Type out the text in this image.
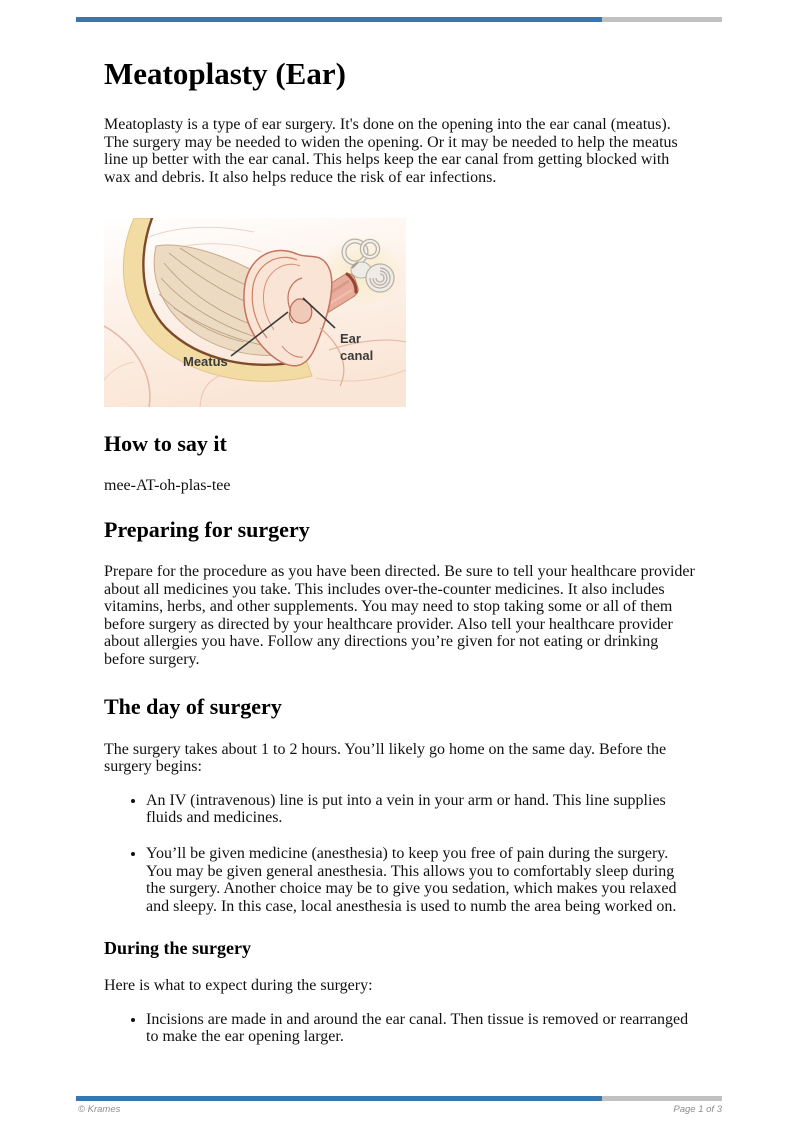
Meatoplasty (Ear)

Meatoplasty is a type of ear surgery. It's done on the opening into the ear canal (meatus). The surgery may be needed to widen the opening. Or it may be needed to help the meatus line up better with the ear canal. This helps keep the ear canal from getting blocked with wax and debris. It also helps reduce the risk of ear infections.

Meatus
Ear
canal
How to say it

mee-AT-oh-plas-tee

Preparing for surgery

Prepare for the procedure as you have been directed. Be sure to tell your healthcare provider about all medicines you take. This includes over-the-counter medicines. It also includes vitamins, herbs, and other supplements. You may need to stop taking some or all of them before surgery as directed by your healthcare provider. Also tell your healthcare provider about allergies you have. Follow any directions you’re given for not eating or drinking before surgery.

The day of surgery

The surgery takes about 1 to 2 hours. You’ll likely go home on the same day. Before the surgery begins:

• An IV (intravenous) line is put into a vein in your arm or hand. This line supplies fluids and medicines.
• You’ll be given medicine (anesthesia) to keep you free of pain during the surgery. You may be given general anesthesia. This allows you to comfortably sleep during the surgery. Another choice may be to give you sedation, which makes you relaxed and sleepy. In this case, local anesthesia is used to numb the area being worked on.
During the surgery

Here is what to expect during the surgery:

• Incisions are made in and around the ear canal. Then tissue is removed or rearranged to make the ear opening larger.
© Krames	Page 1 of 3
